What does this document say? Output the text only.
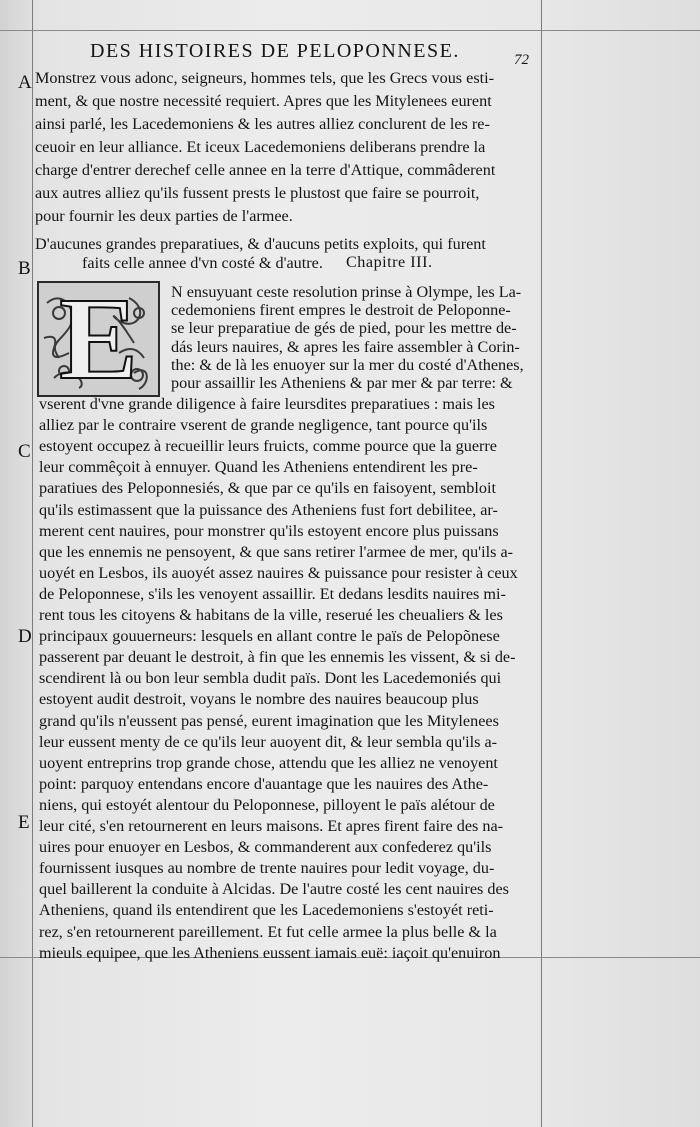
DES HISTOIRES DE PELOPONNESE.	72
A
B
C
D
E
Monstrez vous adonc, seigneurs, hommes tels, que les Grecs vous esti-
ment, & que nostre necessité requiert. Apres que les Mitylenees eurent
ainsi parlé, les Lacedemoniens & les autres alliez conclurent de les re-
ceuoir en leur alliance. Et iceux Lacedemoniens deliberans prendre la
charge d'entrer derechef celle annee en la terre d'Attique, commâderent
aux autres alliez qu'ils fussent prests le plustost que faire se pourroit,
pour fournir les deux parties de l'armee.
D'aucunes grandes preparatiues, & d'aucuns petits exploits, qui furent
faits celle annee d'vn costé & d'autre. Chapitre III.
E	N ensuyuant ceste resolution prinse à Olympe, les La-
cedemoniens firent empres le destroit de Peloponne-
se leur preparatiue de gés de pied, pour les mettre de-
dás leurs nauires, & apres les faire assembler à Corin-
the: & de là les enuoyer sur la mer du costé d'Athenes,
pour assaillir les Atheniens & par mer & par terre: &
vserent d'vne grande diligence à faire leursdites preparatiues : mais les
alliez par le contraire vserent de grande negligence, tant pource qu'ils
estoyent occupez à recueillir leurs fruicts, comme pource que la guerre
leur commêçoit à ennuyer. Quand les Atheniens entendirent les pre-
paratiues des Peloponnesiés, & que par ce qu'ils en faisoyent, sembloit
qu'ils estimassent que la puissance des Atheniens fust fort debilitee, ar-
merent cent nauires, pour monstrer qu'ils estoyent encore plus puissans
que les ennemis ne pensoyent, & que sans retirer l'armee de mer, qu'ils a-
uoyét en Lesbos, ils auoyét assez nauires & puissance pour resister à ceux
de Peloponnese, s'ils les venoyent assaillir. Et dedans lesdits nauires mi-
rent tous les citoyens & habitans de la ville, reserué les cheualiers & les
principaux gouuerneurs: lesquels en allant contre le païs de Pelopõnese
passerent par deuant le destroit, à fin que les ennemis les vissent, & si de-
scendirent là ou bon leur sembla dudit païs. Dont les Lacedemoniés qui
estoyent audit destroit, voyans le nombre des nauires beaucoup plus
grand qu'ils n'eussent pas pensé, eurent imagination que les Mitylenees
leur eussent menty de ce qu'ils leur auoyent dit, & leur sembla qu'ils a-
uoyent entreprins trop grande chose, attendu que les alliez ne venoyent
point: parquoy entendans encore d'auantage que les nauires des Athe-
niens, qui estoyét alentour du Peloponnese, pilloyent le païs alétour de
leur cité, s'en retournerent en leurs maisons. Et apres firent faire des na-
uires pour enuoyer en Lesbos, & commanderent aux confederez qu'ils
fournissent iusques au nombre de trente nauires pour ledit voyage, du-
quel baillerent la conduite à Alcidas. De l'autre costé les cent nauires des
Atheniens, quand ils entendirent que les Lacedemoniens s'estoyét reti-
rez, s'en retournerent pareillement. Et fut celle armee la plus belle & la
mieuls equipee, que les Atheniens eussent iamais euë: iaçoit qu'enuiron
